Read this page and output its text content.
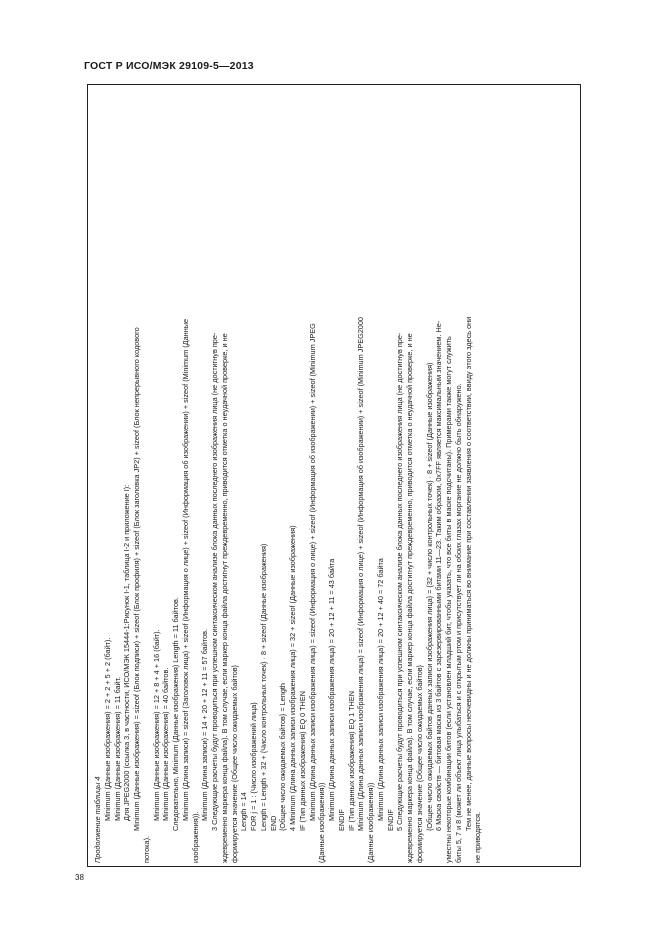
ГОСТ Р ИСО/МЭК 29109-5—2013
Продолжение таблицы 4 Minimum (Данные изображения) = 2 + 2 + 5 + 2 (байт). Minimum (Данные изображения) = 11 байт. Для JPEG2000 (ссылка 3, в частности, ИСО/МЭК 15444-1:Рисунок I-1, таблица I-2 и приложение I): Minimum (Данные изображения) = sizeof (Блок подписи) + sizeof (Блок профиля) + sizeof (Блок заголовка JP2) + sizeof (Блок непрерывного кодового
потока).
Minimum (Данные изображения) = 12 + 8 + 4 + 16 (байт). Minimum (Данные изображения) = 40 байтов. Следовательно, Minimum (Данные изображения) Length = 11 байтов. Minimum (Длина записи) = sizeof (Заголовок лица) + sizeof (Информация о лице) + sizeof (Информация об изображении) + sizeof (Minimum (Данные
изображения)).
Minimum (Длина записи) = 14 + 20 + 12 + 11 = 57 байтов. 3 Следующие расчеты будут проводиться при успешном синтаксическом анализе блока данных последнего изображения лица (не достигнув пре- ждевременно маркера конца файла). В том случае, если маркер конца файла достигнут преждевременно, приводится отметка о неудачной проверке, и не формируется значение {Общее число ожидаемых байтов} Length = 14 FOR j = 1 : {Число изображений лица} Length = Length + 32 + {Число контрольных точек} · 8 + sizeof (Данные изображения) END {Общее число ожидаемых байтов} = Length 4 Minimum (Длина данных записи изображения лица) = 32 + sizeof (Данные изображения) IF (Тип данных изображения) EQ 0 THEN Minimum (Длина данных записи изображения лица) = sizeof (Информация о лице) + sizeof (Информация об изображении) + sizeof (Minimum JPEG
(Данные изображения))
Minimum (Длина данных записи изображения лица) = 20 + 12 + 11 = 43 байта ENDIF IF (Тип данных изображения) EQ 1 THEN Minimum (Длина данных записи изображения лица) = sizeof (Информация о лице) + sizeof (Информация об изображении) + sizeof (Minimum JPEG2000 (Данные изображения))
Minimum (Длина данных записи изображения лица) = 20 + 12 + 40 = 72 байта ENDIF 5 Следующие расчеты будут проводиться при успешном синтаксическом анализе блока данных последнего изображения лица (не достигнув пре- ждевременно маркера конца файла). В том случае, если маркер конца файла достигнут преждевременно, приводится отметка о неудачной проверке, и не формируется значение {Общее число ожидаемых байтов} {Общее число ожидаемых байтов данных записи изображения лица} = {32 + число контрольных точек} · 8 + sizeof (Данные изображения) 6 Маска свойств — битовая маска из 3 байтов с зарезервированными битами 11—23. Таким образом, 0x7FF является максимальным значением. Не- уместны некоторые комбинации битов (если установлен младший бит, чтобы указать, что все биты в маске подсчитаны). Примерами также могут служить биты 5, 7 и 8 (может ли объект лица улыбаться и с открытым ртом и присутствует ли на обоих глазах моргание не должно быть обнаружено. Тем не менее, данные вопросы неочевидны и не должны приниматься во внимание при составлении заявления о соответствии, ввиду этого здесь они
не приводятся.
38
